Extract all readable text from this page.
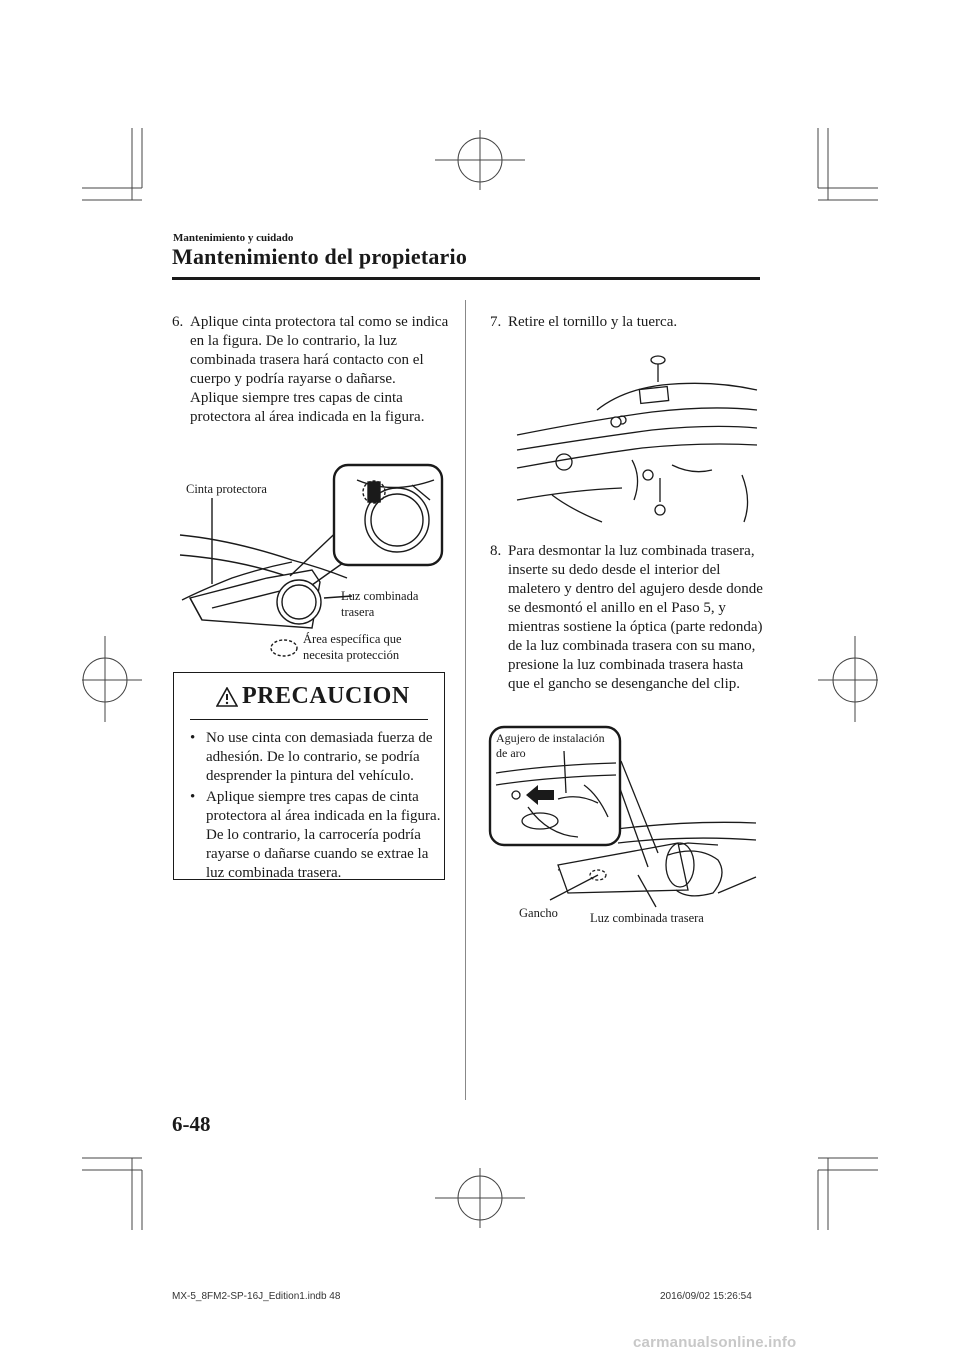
Mantenimiento y cuidado
Mantenimiento del propietario
6. Aplique cinta protectora tal como se indica en la figura. De lo contrario, la luz combinada trasera hará contacto con el cuerpo y podría rayarse o dañarse.
Aplique siempre tres capas de cinta protectora al área indicada en la figura.
Cinta protectora
Luz combinada
trasera
Área específica que
necesita protección
PRECAUCION
• No use cinta con demasiada fuerza de adhesión. De lo contrario, se podría desprender la pintura del vehículo.
• Aplique siempre tres capas de cinta protectora al área indicada en la figura. De lo contrario, la carrocería podría rayarse o dañarse cuando se extrae la luz combinada trasera.
7. Retire el tornillo y la tuerca.
8. Para desmontar la luz combinada trasera, inserte su dedo desde el interior del maletero y dentro del agujero desde donde se desmontó el anillo en el Paso 5, y mientras sostiene la óptica (parte redonda) de la luz combinada trasera con su mano, presione la luz combinada trasera hasta que el gancho se desenganche del clip.
Agujero de instalación
de aro
Gancho	Luz combinada trasera
6-48
MX-5_8FM2-SP-16J_Edition1.indb 48	2016/09/02 15:26:54
carmanualsonline.info
